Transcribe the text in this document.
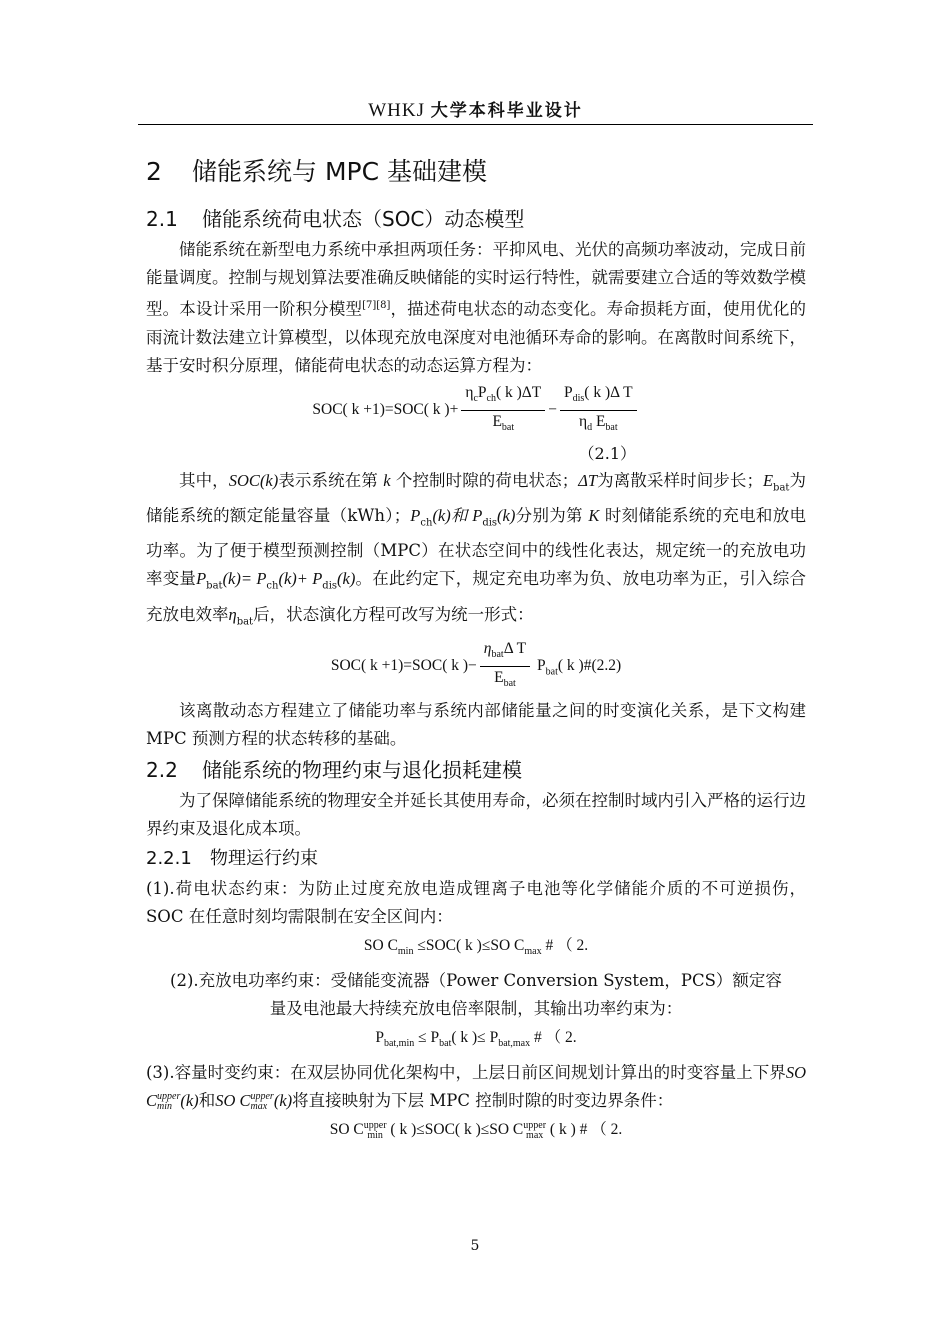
WHKJ 大学本科毕业设计
2 储能系统与 MPC 基础建模
2.1 储能系统荷电状态（SOC）动态模型

储能系统在新型电力系统中承担两项任务：平抑风电、光伏的高频功率波动，完成日前能量调度。控制与规划算法要准确反映储能的实时运行特性，就需要建立合适的等效数学模型。本设计采用一阶积分模型[7][8]，描述荷电状态的动态变化。寿命损耗方面，使用优化的雨流计数法建立计算模型，以体现充放电深度对电池循环寿命的影响。在离散时间系统下，基于安时积分原理，储能荷电状态的动态运算方程为：

SOC( k +1)=SOC( k )+ $\frac{\eta_cP_{ch}( k )\Delta T}{E_{bat}} - \frac{P_{dis}( k )\Delta T}{\eta_d E_{bat}}$
（2.1）

其中，SOC(k)表示系统在第 k 个控制时隙的荷电状态；ΔT为离散采样时间步长；$E_{bat}$为储能系统的额定能量容量（kWh）；$P_{ch}(k)$和 $P_{dis}(k)$分别为第 K 时刻储能系统的充电和放电功率。为了便于模型预测控制（MPC）在状态空间中的线性化表达，规定统一的充放电功率变量$P_{bat}(k)= P_{ch}(k)+ P_{dis}(k)$。在此约定下，规定充电功率为负、放电功率为正，引入综合充放电效率$\eta_{bat}$后，状态演化方程可改写为统一形式：

SOC( k +1)=SOC( k )− $\frac{\eta_{bat}\Delta T}{E_{bat}} P_{bat}$( k )#(2.2)

该离散动态方程建立了储能功率与系统内部储能量之间的时变演化关系，是下文构建 MPC 预测方程的状态转移的基础。

2.2 储能系统的物理约束与退化损耗建模

为了保障储能系统的物理安全并延长其使用寿命，必须在控制时域内引入严格的运行边界约束及退化成本项。

2.2.1 物理运行约束

(1).荷电状态约束：为防止过度充放电造成锂离子电池等化学储能介质的不可逆损伤，SOC 在任意时刻均需限制在安全区间内：

SO $C_{min} \le SOC$( k )≤SO $C_{max}$ # （ 2.

(2).充放电功率约束：受储能变流器（Power Conversion System，PCS）额定容

量及电池最大持续充放电倍率限制，其输出功率约束为：

$P_{bat,min} \le P_{bat}$( k )≤ $P_{bat,max}$ # （ 2.

(3).容量时变约束：在双层协同优化架构中，上层日前区间规划计算出的时变容量上下界SO C upper
min (k)和SO C upper
max (k)将直接映射为下层 MPC 控制时隙的时变边界条件：

SO C upper
min ( k )≤SOC( k )≤SO C upper
max ( k ) # （ 2.
5
